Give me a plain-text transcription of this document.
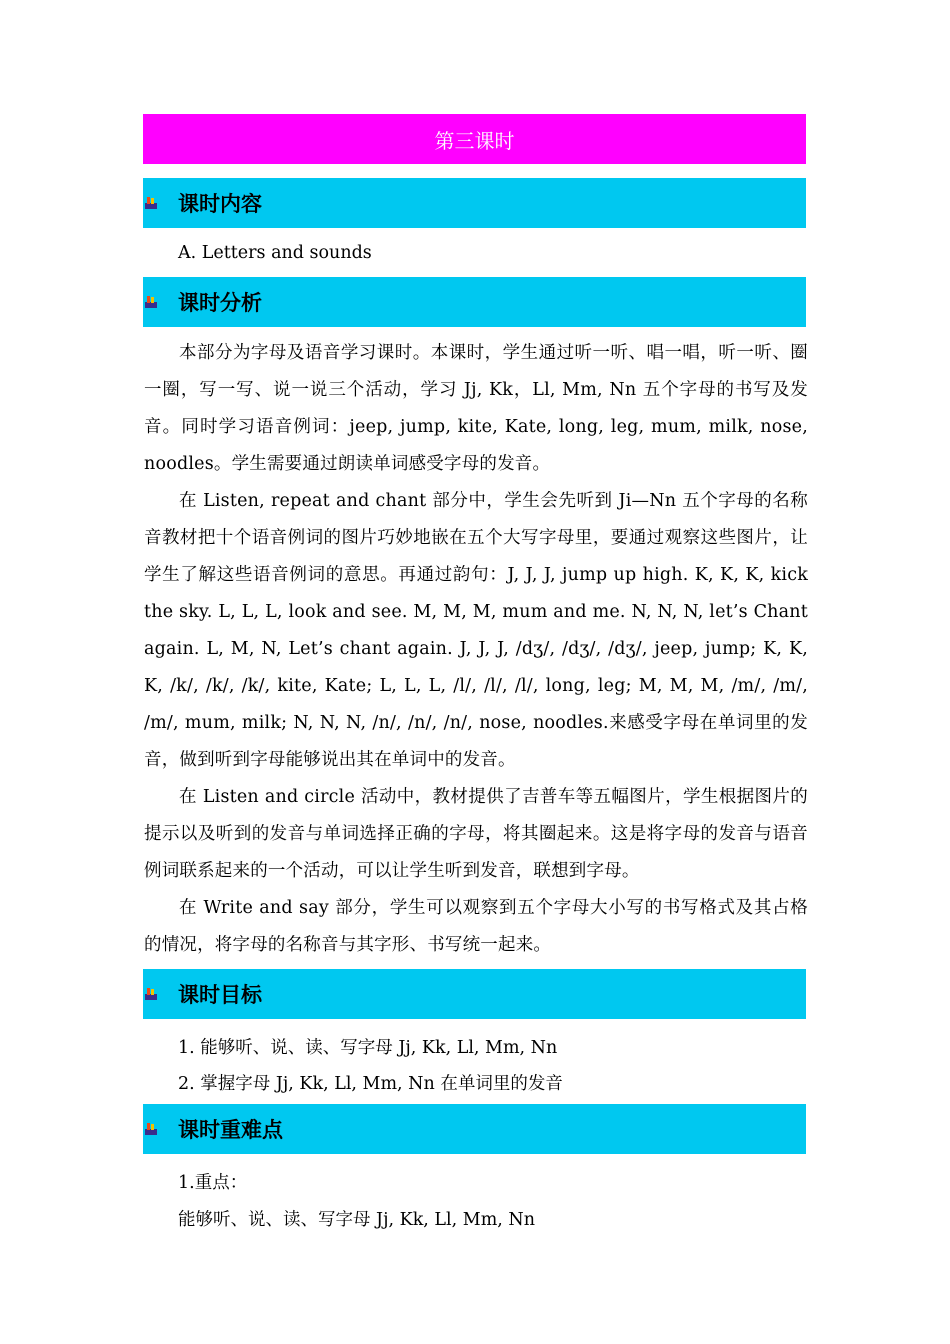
第三课时
课时内容
A. Letters and sounds
课时分析

本部分为字母及语音学习课时。本课时，学生通过听一听、唱一唱，听一听、圈一圈，写一写、说一说三个活动，学习 Jj, Kk，Ll, Mm, Nn 五个字母的书写及发音。同时学习语音例词：jeep, jump, kite, Kate, long, leg, mum, milk, nose, noodles。学生需要通过朗读单词感受字母的发音。

在 Listen, repeat and chant 部分中，学生会先听到 Ji—Nn 五个字母的名称音教材把十个语音例词的图片巧妙地嵌在五个大写字母里，要通过观察这些图片，让学生了解这些语音例词的意思。再通过韵句：J, J, J, jump up high. K, K, K, kick the sky. L, L, L, look and see. M, M, M, mum and me. N, N, N, let’s Chant again. L, M, N, Let’s chant again. J, J, J, /dʒ/, /dʒ/, /dʒ/, jeep, jump; K, K, K, /k/, /k/, /k/, kite, Kate; L, L, L, /l/, /l/, /l/, long, leg; M, M, M, /m/, /m/, /m/, mum, milk; N, N, N, /n/, /n/, /n/, nose, noodles.来感受字母在单词里的发音，做到听到字母能够说出其在单词中的发音。

在 Listen and circle 活动中，教材提供了吉普车等五幅图片，学生根据图片的提示以及听到的发音与单词选择正确的字母，将其圈起来。这是将字母的发音与语音例词联系起来的一个活动，可以让学生听到发音，联想到字母。

在 Write and say 部分，学生可以观察到五个字母大小写的书写格式及其占格的情况，将字母的名称音与其字形、书写统一起来。

课时目标
1. 能够听、说、读、写字母 Jj, Kk, Ll, Mm, Nn
2. 掌握字母 Jj, Kk, Ll, Mm, Nn 在单词里的发音
课时重难点
1.重点：
能够听、说、读、写字母 Jj, Kk, Ll, Mm, Nn
